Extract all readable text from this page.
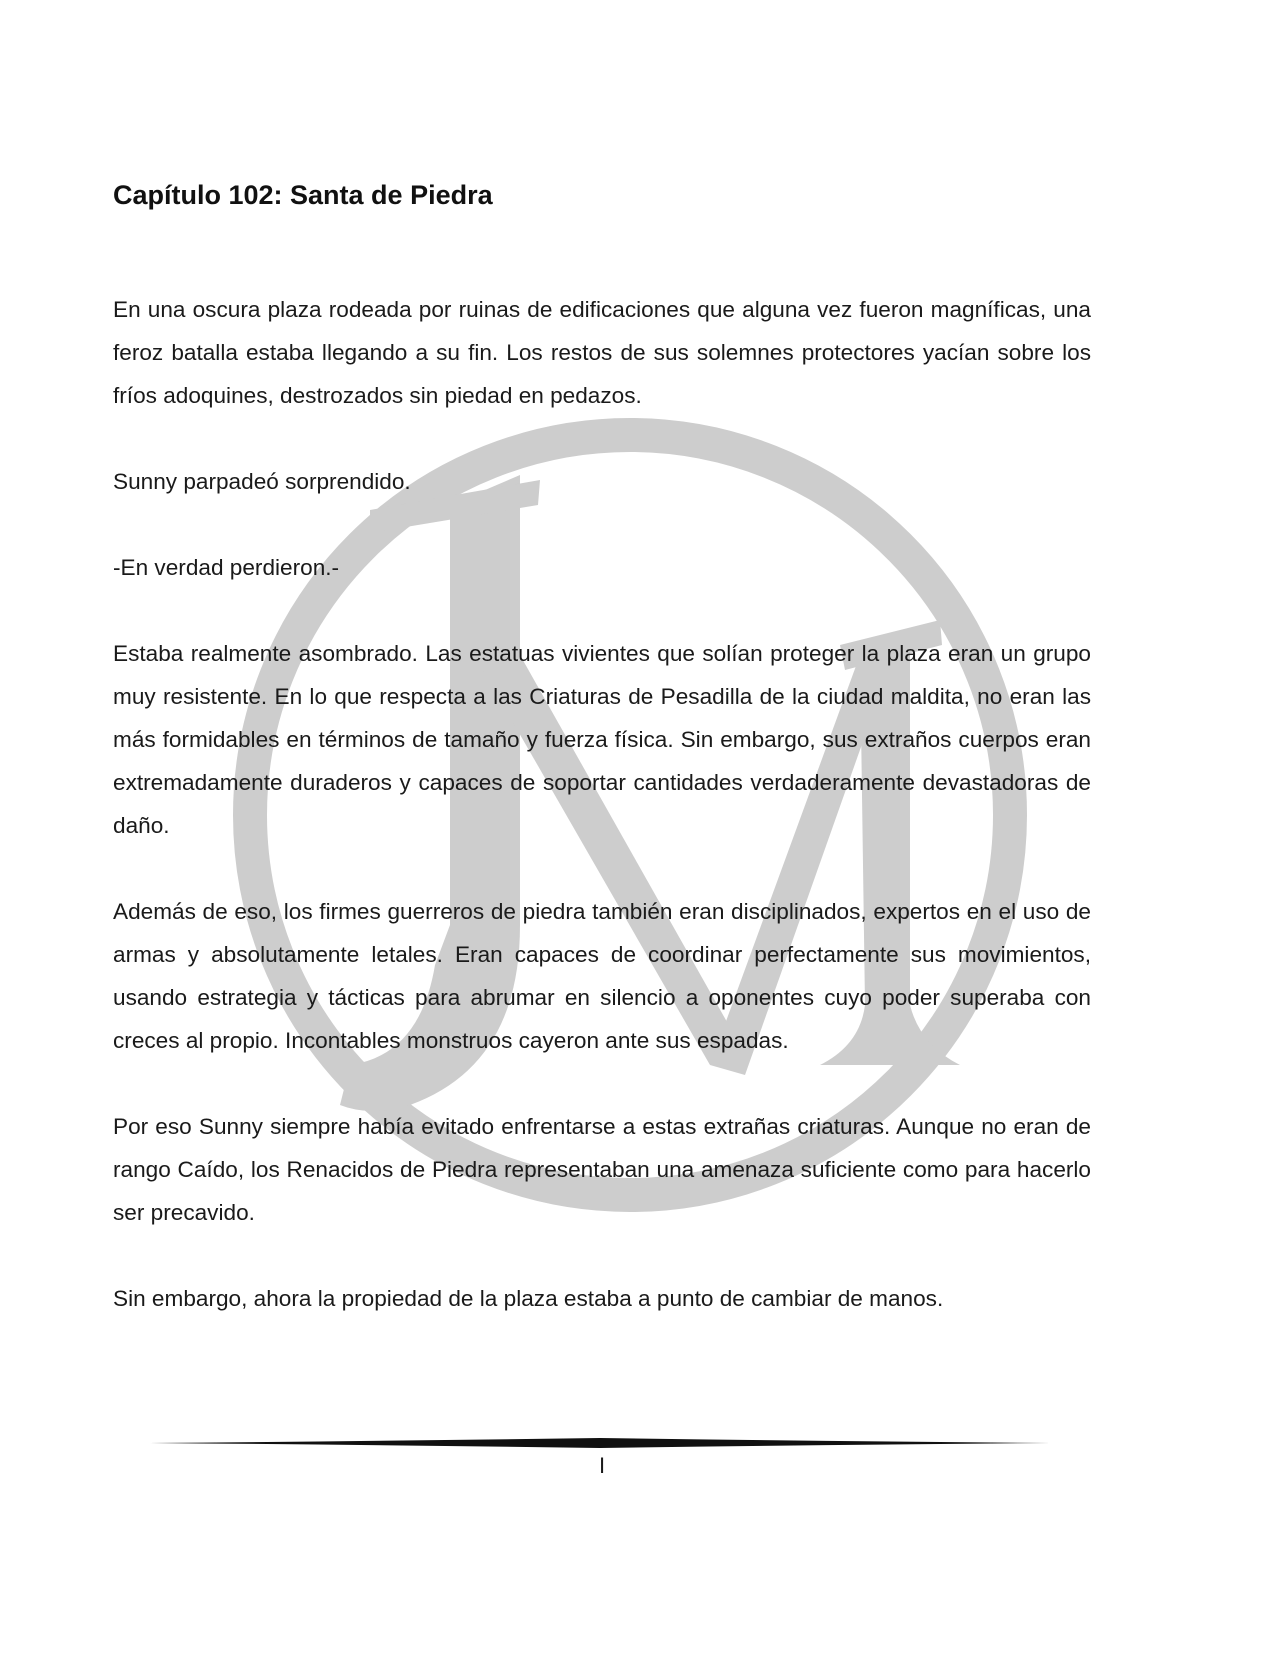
Capítulo 102: Santa de Piedra

En una oscura plaza rodeada por ruinas de edificaciones que alguna vez fueron magníficas, una feroz batalla estaba llegando a su fin. Los restos de sus solemnes protectores yacían sobre los fríos adoquines, destrozados sin piedad en pedazos.

Sunny parpadeó sorprendido.

-En verdad perdieron.-

Estaba realmente asombrado. Las estatuas vivientes que solían proteger la plaza eran un grupo muy resistente. En lo que respecta a las Criaturas de Pesadilla de la ciudad maldita, no eran las más formidables en términos de tamaño y fuerza física. Sin embargo, sus extraños cuerpos eran extremadamente duraderos y capaces de soportar cantidades verdaderamente devastadoras de daño.

Además de eso, los firmes guerreros de piedra también eran disciplinados, expertos en el uso de armas y absolutamente letales. Eran capaces de coordinar perfectamente sus movimientos, usando estrategia y tácticas para abrumar en silencio a oponentes cuyo poder superaba con creces al propio. Incontables monstruos cayeron ante sus espadas.

Por eso Sunny siempre había evitado enfrentarse a estas extrañas criaturas. Aunque no eran de rango Caído, los Renacidos de Piedra representaban una amenaza suficiente como para hacerlo ser precavido.

Sin embargo, ahora la propiedad de la plaza estaba a punto de cambiar de manos.

I
